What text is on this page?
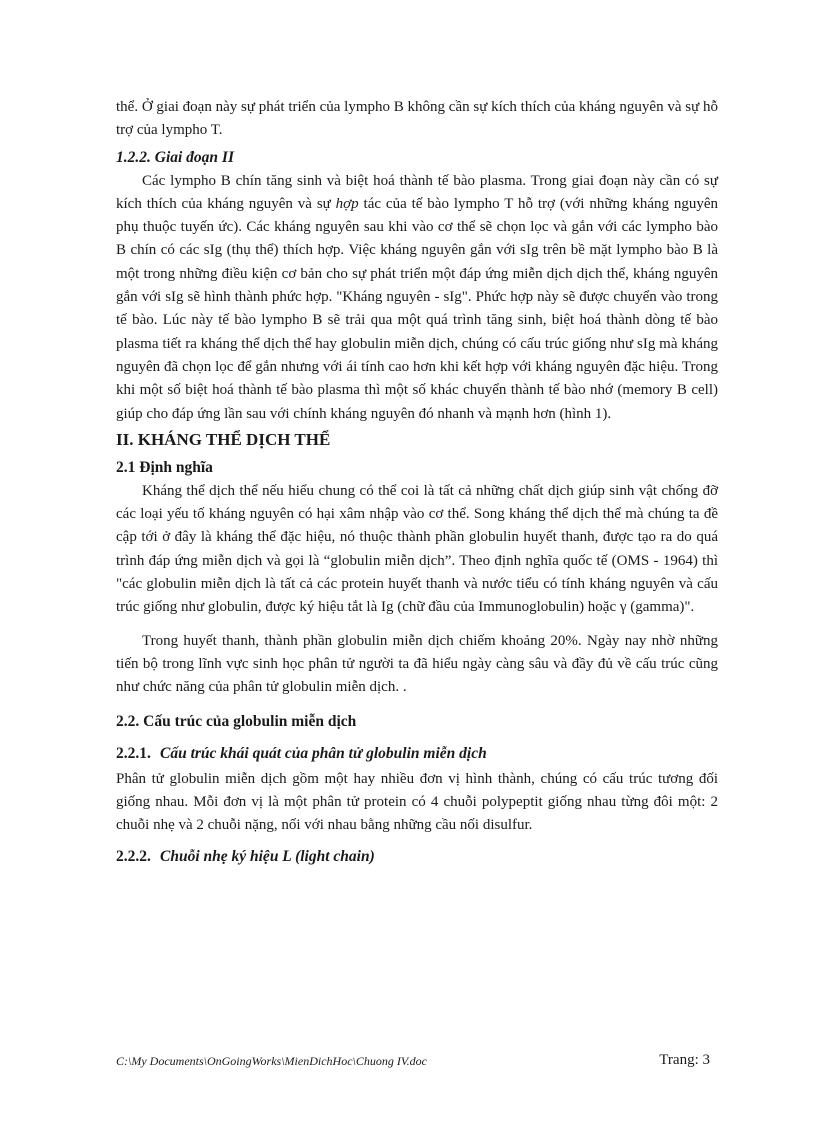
thể. Ở giai đoạn này sự phát triển của lympho B không cần sự kích thích của kháng nguyên và sự hỗ trợ của lympho T.

1.2.2. Giai đoạn II

Các lympho B chín tăng sinh và biệt hoá thành tế bào plasma. Trong giai đoạn này cần có sự kích thích của kháng nguyên và sự hợp tác của tế bào lympho T hỗ trợ (với những kháng nguyên phụ thuộc tuyến ức). Các kháng nguyên sau khi vào cơ thể sẽ chọn lọc và gắn với các lympho bào B chín có các sIg (thụ thể) thích hợp. Việc kháng nguyên gắn với sIg trên bề mặt lympho bào B là một trong những điều kiện cơ bản cho sự phát triển một đáp ứng miễn dịch dịch thể, kháng nguyên gắn với sIg sẽ hình thành phức hợp. "Kháng nguyên - sIg". Phức hợp này sẽ được chuyển vào trong tế bào. Lúc này tế bào lympho B sẽ trải qua một quá trình tăng sinh, biệt hoá thành dòng tế bào plasma tiết ra kháng thể dịch thể hay globulin miễn dịch, chúng có cấu trúc giống như sIg mà kháng nguyên đã chọn lọc để gắn nhưng với ái tính cao hơn khi kết hợp với kháng nguyên đặc hiệu. Trong khi một số biệt hoá thành tế bào plasma thì một số khác chuyển thành tế bào nhớ (memory B cell) giúp cho đáp ứng lần sau với chính kháng nguyên đó nhanh và mạnh hơn (hình 1).

II. KHÁNG THỂ DỊCH THỂ
2.1 Định nghĩa

Kháng thể dịch thể nếu hiểu chung có thể coi là tất cả những chất dịch giúp sinh vật chống đỡ các loại yếu tố kháng nguyên có hại xâm nhập vào cơ thể. Song kháng thể dịch thể mà chúng ta đề cập tới ở đây là kháng thể đặc hiệu, nó thuộc thành phần globulin huyết thanh, được tạo ra do quá trình đáp ứng miễn dịch và gọi là “globulin miễn dịch”. Theo định nghĩa quốc tế (OMS - 1964) thì "các globulin miễn dịch là tất cả các protein huyết thanh và nước tiểu có tính kháng nguyên và cấu trúc giống như globulin, được ký hiệu tắt là Ig (chữ đầu của Immunoglobulin) hoặc γ (gamma)".

Trong huyết thanh, thành phần globulin miễn dịch chiếm khoảng 20%. Ngày nay nhờ những tiến bộ trong lĩnh vực sinh học phân tử người ta đã hiểu ngày càng sâu và đầy đủ về cấu trúc cũng như chức năng của phân tử globulin miễn dịch. .

2.2. Cấu trúc của globulin miễn dịch
2.2.1. Cấu trúc khái quát của phân tử globulin miễn dịch

Phân tử globulin miễn dịch gồm một hay nhiều đơn vị hình thành, chúng có cấu trúc tương đối giống nhau. Mỗi đơn vị là một phân tử protein có 4 chuỗi polypeptit giống nhau từng đôi một: 2 chuỗi nhẹ và 2 chuỗi nặng, nối với nhau bằng những cầu nối disulfur.

2.2.2. Chuỗi nhẹ ký hiệu L (light chain)
C:\My Documents\OnGoingWorks\MienDichHoc\Chuong IV.doc	Trang: 3
